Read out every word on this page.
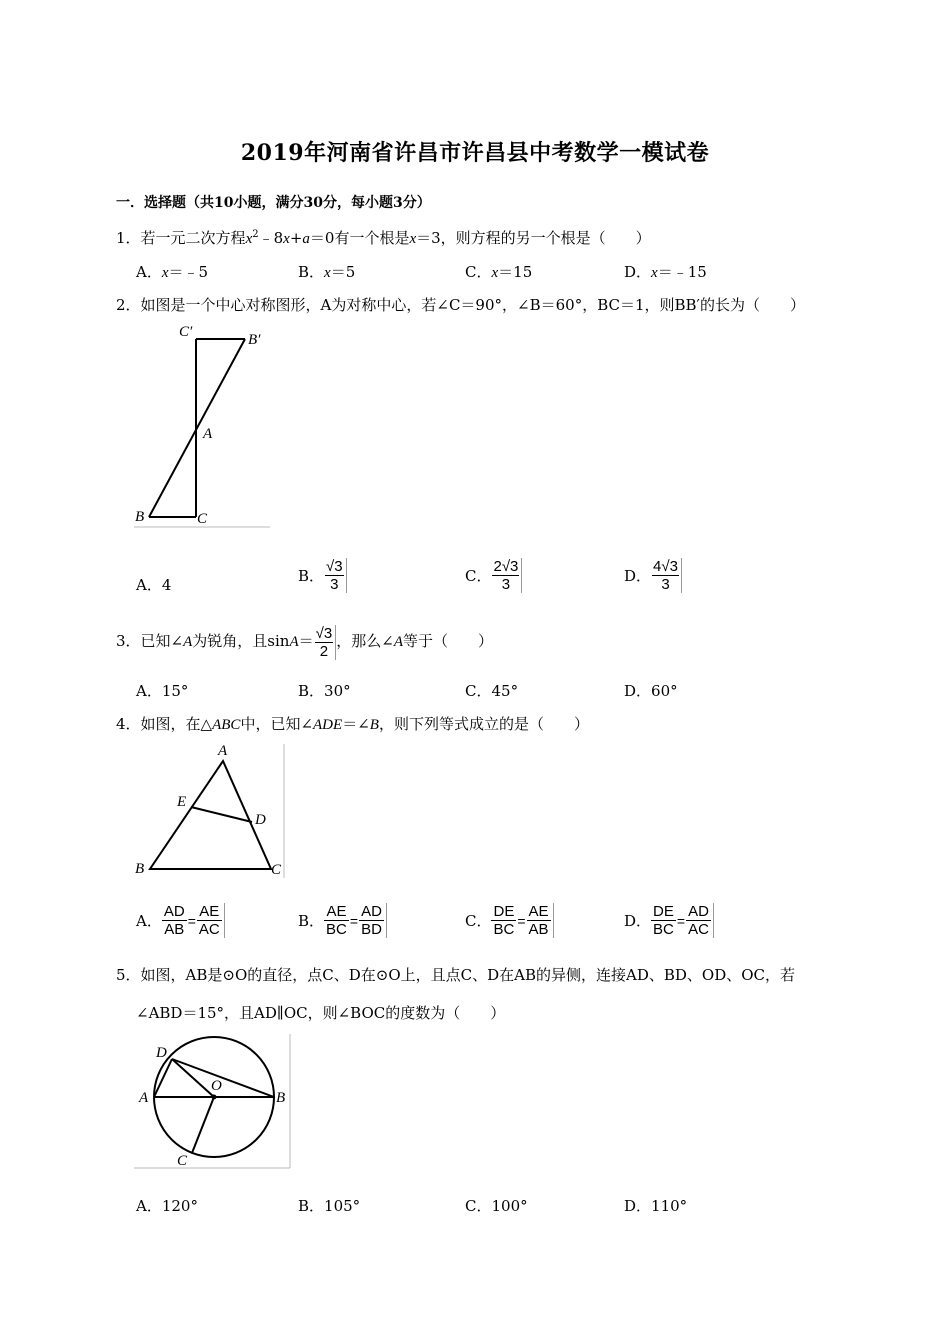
2019年河南省许昌市许昌县中考数学一模试卷
一．选择题（共10小题，满分30分，每小题3分）
1．若一元二次方程$x^2﹣8x+a=0$有一个根是x＝3，则方程的另一个根是（　　）
A．x＝﹣5	B．x＝5	C．x＝15	D．x＝﹣15
2．如图是一个中心对称图形，A为对称中心，若∠C＝90°，∠B＝60°，BC＝1，则BB′的长为（　　）
C′	B′
A
B	C
A．4	B． $\frac{√3}{3}$	C． $\frac{2√3}{3}$	D． $\frac{4√3}{3}$
3．已知∠A为锐角，且$\sin A= \frac{√3}{2}$ ，那么∠A等于（　　）
A．15°	B．30°	C．45°	D．60°
4．如图，在△ABC中，已知∠ADE＝∠B，则下列等式成立的是（　　）
A
E
D
B	C
A． $\frac{AD}{AB} = \frac{AE}{AC}$	B． $\frac{AE}{BC} = \frac{AD}{BD}$	C． $\frac{DE}{BC} = \frac{AE}{AB}$	D． $\frac{DE}{BC} = \frac{AD}{AC}$
5．如图，AB是⊙O的直径，点C、D在⊙O上，且点C、D在AB的异侧，连接AD、BD、OD、OC，若
∠ABD＝15°，且AD∥OC，则∠BOC的度数为（　　）
D
O
A	B
C
A．120°	B．105°	C．100°	D．110°
